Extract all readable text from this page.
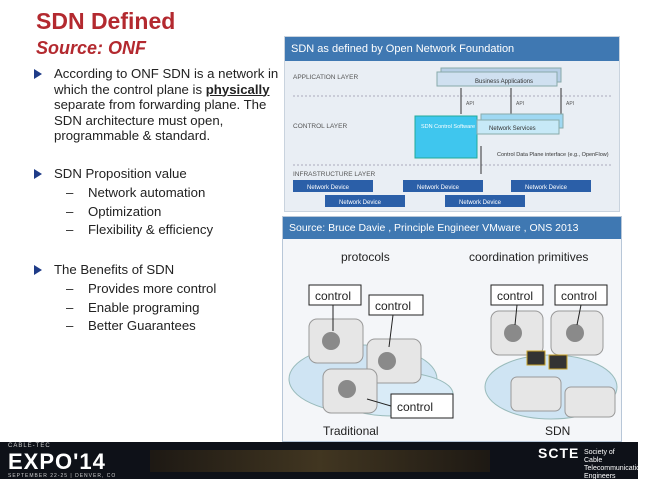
SDN Defined
Source: ONF
According to ONF SDN is a network in which the control plane is physically separate from forwarding plane. The SDN architecture must open, programmable & standard.
SDN Proposition value
– Network automation
– Optimization
– Flexibility & efficiency
The Benefits of SDN
– Provides more control
– Enable programing
– Better Guarantees
SDN as defined by Open Network Foundation
APPLICATION LAYER
Business Applications
API	API	API
CONTROL LAYER	SDN Control Software Network Services
Control Data Plane interface (e.g., OpenFlow)
INFRASTRUCTURE LAYER
Network Device	Network Device	Network Device
Network Device	Network Device
Source: Bruce Davie , Principle Engineer VMware , ONS 2013
protocols	coordination primitives
control
control
control
Traditional
control control
SDN
CABLE-TEC
EXPO'14
SEPTEMBER 22-25 | DENVER, CO
SCTE Society of Cable Telecommunications Engineers
